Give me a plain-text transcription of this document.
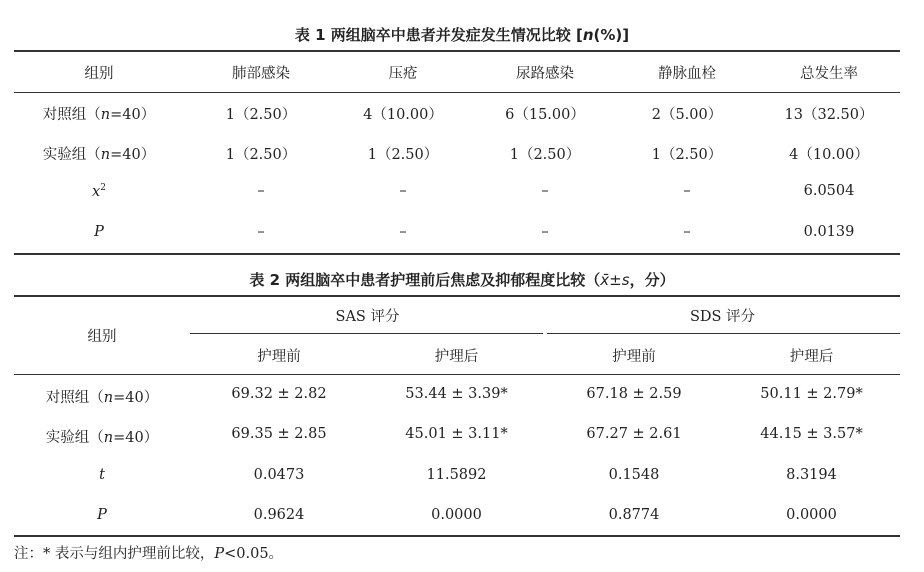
表 1 两组脑卒中患者并发症发生情况比较 [n(%)]
组别	肺部感染	压疮	尿路感染	静脉血栓	总发生率
对照组（n=40）	1（2.50）	4（10.00）	6（15.00）	2（5.00）	13（32.50）
实验组（n=40）	1（2.50）	1（2.50）	1（2.50）	1（2.50）	4（10.00）
$x^2$	–	–	–	–	6.0504
P	–	–	–	–	0.0139
表 2 两组脑卒中患者护理前后焦虑及抑郁程度比较（x̄±s，分）
组别
SAS 评分	SDS 评分
护理前	护理后	护理前	护理后
对照组（n=40）	69.32 ± 2.82	53.44 ± 3.39*	67.18 ± 2.59	50.11 ± 2.79*
实验组（n=40）	69.35 ± 2.85	45.01 ± 3.11*	67.27 ± 2.61	44.15 ± 3.57*
t	0.0473	11.5892	0.1548	8.3194
P	0.9624	0.0000	0.8774	0.0000
注：* 表示与组内护理前比较，P<0.05。
